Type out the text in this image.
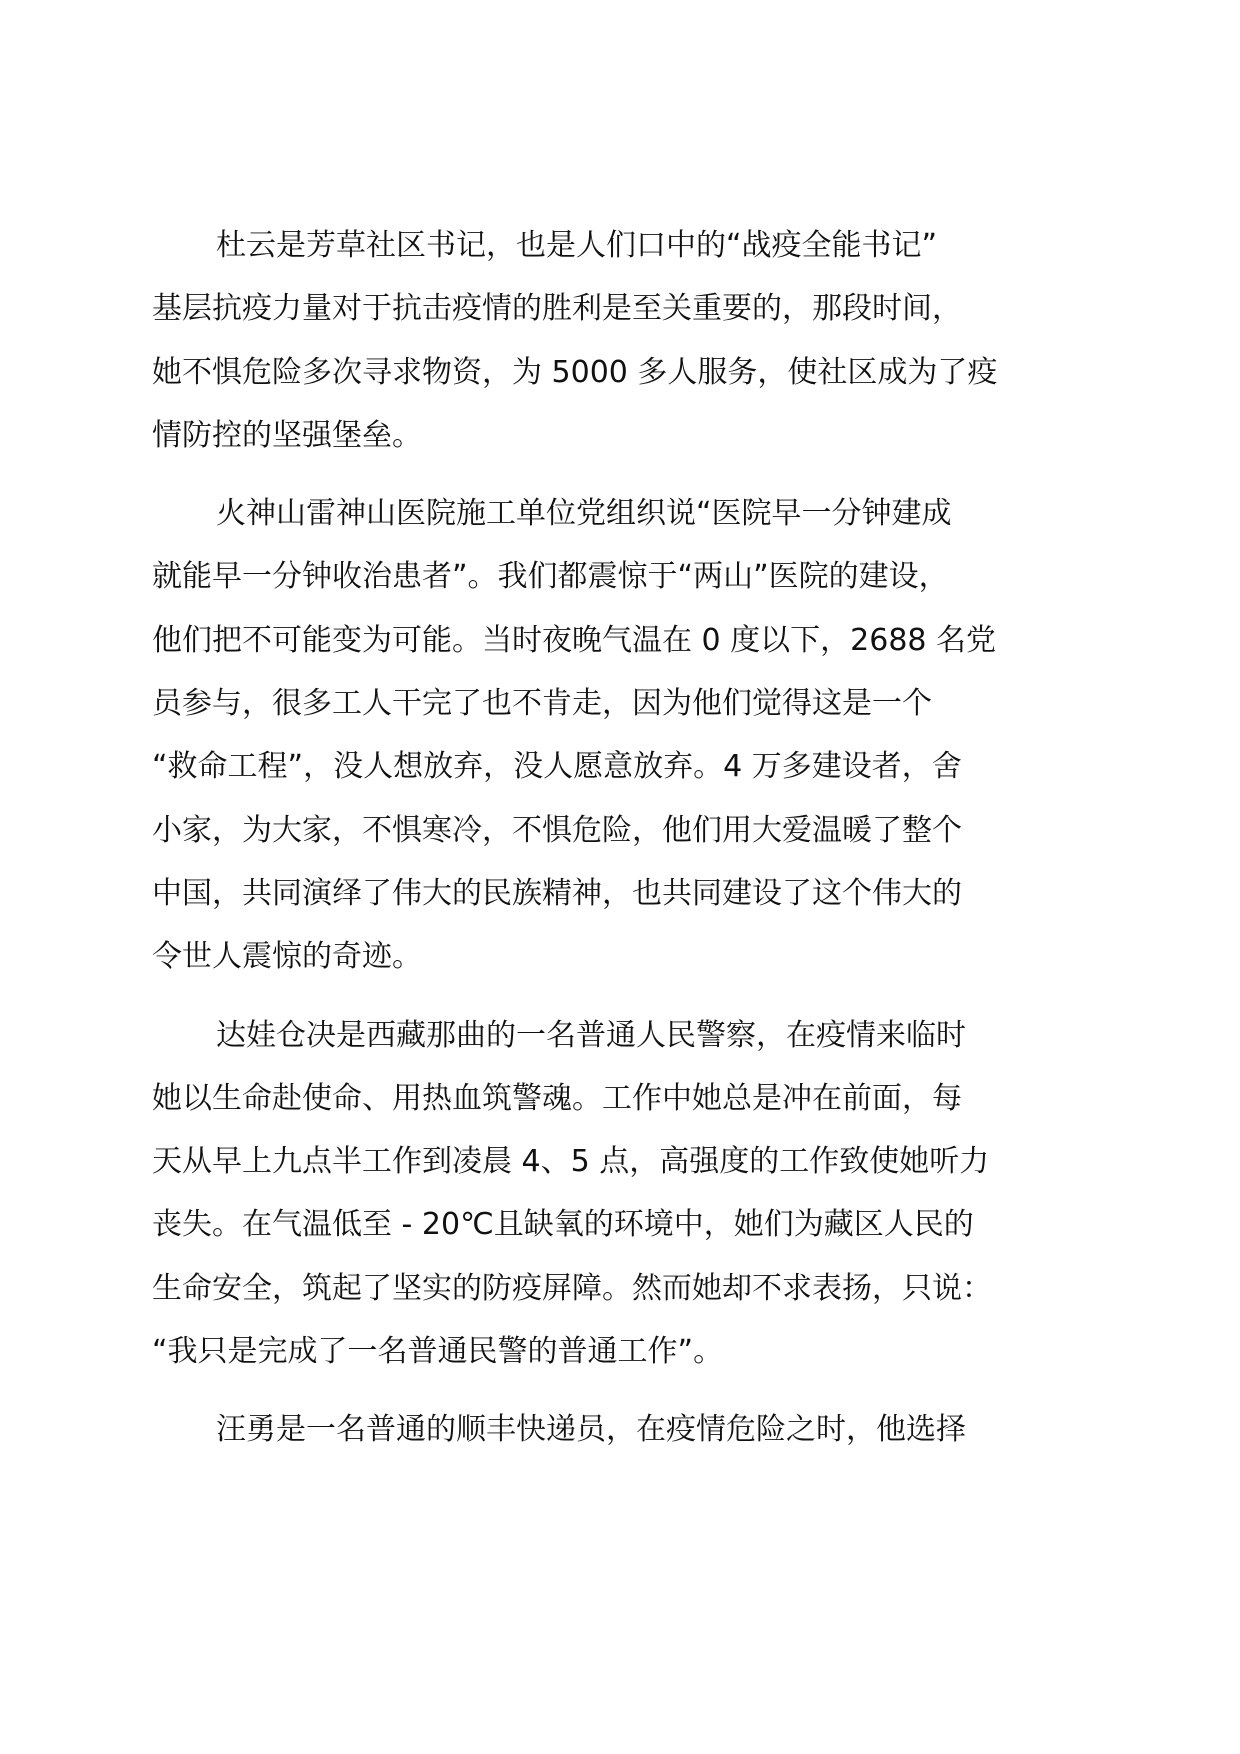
杜云是芳草社区书记，也是人们口中的“战疫全能书记”
基层抗疫力量对于抗击疫情的胜利是至关重要的，那段时间，
她不惧危险多次寻求物资，为 5000 多人服务，使社区成为了疫
情防控的坚强堡垒。
火神山雷神山医院施工单位党组织说“医院早一分钟建成
就能早一分钟收治患者”。我们都震惊于“两山”医院的建设，
他们把不可能变为可能。当时夜晚气温在 0 度以下，2688 名党
员参与，很多工人干完了也不肯走，因为他们觉得这是一个
“救命工程”，没人想放弃，没人愿意放弃。4 万多建设者，舍
小家，为大家，不惧寒冷，不惧危险，他们用大爱温暖了整个
中国，共同演绎了伟大的民族精神，也共同建设了这个伟大的
令世人震惊的奇迹。
达娃仓决是西藏那曲的一名普通人民警察，在疫情来临时
她以生命赴使命、用热血筑警魂。工作中她总是冲在前面，每
天从早上九点半工作到凌晨 4、5 点，高强度的工作致使她听力
丧失。在气温低至 - 20℃且缺氧的环境中，她们为藏区人民的
生命安全，筑起了坚实的防疫屏障。然而她却不求表扬，只说：
“我只是完成了一名普通民警的普通工作”。
汪勇是一名普通的顺丰快递员，在疫情危险之时，他选择
